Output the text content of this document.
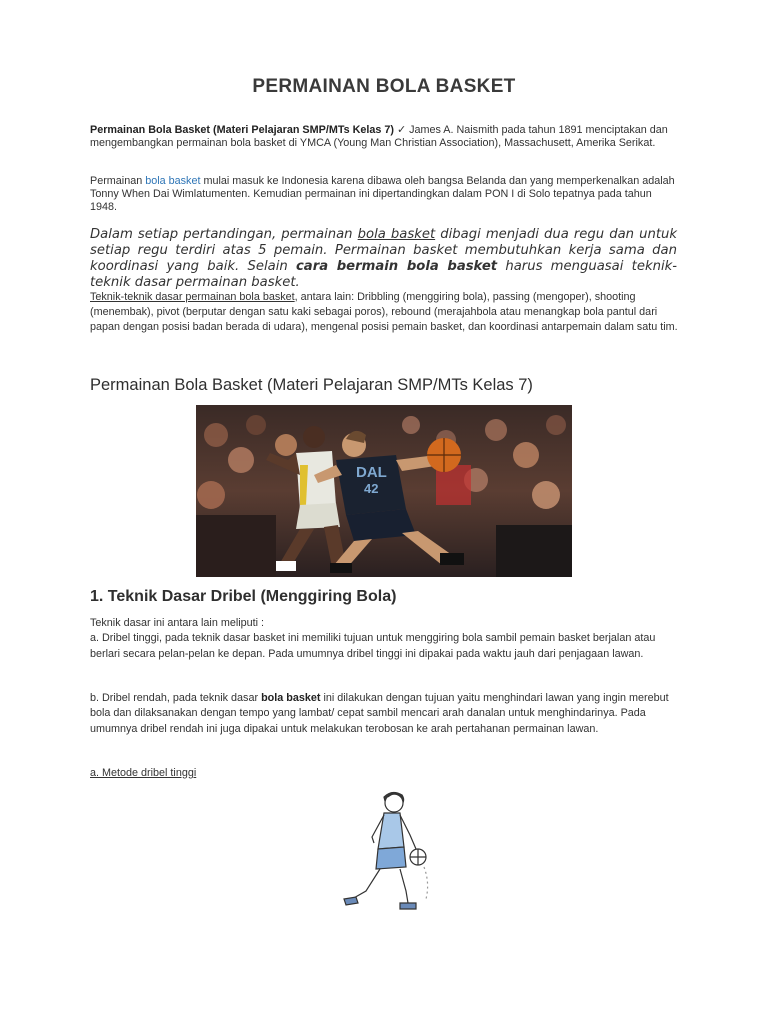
PERMAINAN BOLA BASKET
Permainan Bola Basket (Materi Pelajaran SMP/MTs Kelas 7) ✓ James A. Naismith pada tahun 1891 menciptakan dan mengembangkan permainan bola basket di YMCA (Young Man Christian Association), Massachusett, Amerika Serikat.
Permainan bola basket mulai masuk ke Indonesia karena dibawa oleh bangsa Belanda dan yang memperkenalkan adalah Tonny When Dai Wimlatumenten. Kemudian permainan ini dipertandingkan dalam PON I di Solo tepatnya pada tahun 1948.
Dalam setiap pertandingan, permainan bola basket dibagi menjadi dua regu dan untuk setiap regu terdiri atas 5 pemain. Permainan basket membutuhkan kerja sama dan koordinasi yang baik. Selain cara bermain bola basket harus menguasai teknik-teknik dasar permainan basket.
Teknik-teknik dasar permainan bola basket, antara lain: Dribbling (menggiring bola), passing (mengoper), shooting (menembak), pivot (berputar dengan satu kaki sebagai poros), rebound (merajahbola atau menangkap bola pantul dari papan dengan posisi badan berada di udara), mengenal posisi pemain basket, dan koordinasi antarpemain dalam satu tim.
Permainan Bola Basket (Materi Pelajaran SMP/MTs Kelas 7)
DAL
42
1. Teknik Dasar Dribel (Menggiring Bola)
Teknik dasar ini antara lain meliputi :
a. Dribel tinggi, pada teknik dasar basket ini memiliki tujuan untuk menggiring bola sambil pemain basket berjalan atau berlari secara pelan-pelan ke depan. Pada umumnya dribel tinggi ini dipakai pada waktu jauh dari penjagaan lawan.
b. Dribel rendah, pada teknik dasar bola basket ini dilakukan dengan tujuan yaitu menghindari lawan yang ingin merebut bola dan dilaksanakan dengan tempo yang lambat/ cepat sambil mencari arah danalan untuk menghindarinya. Pada umumnya dribel rendah ini juga dipakai untuk melakukan terobosan ke arah pertahanan permainan lawan.
a. Metode dribel tinggi
